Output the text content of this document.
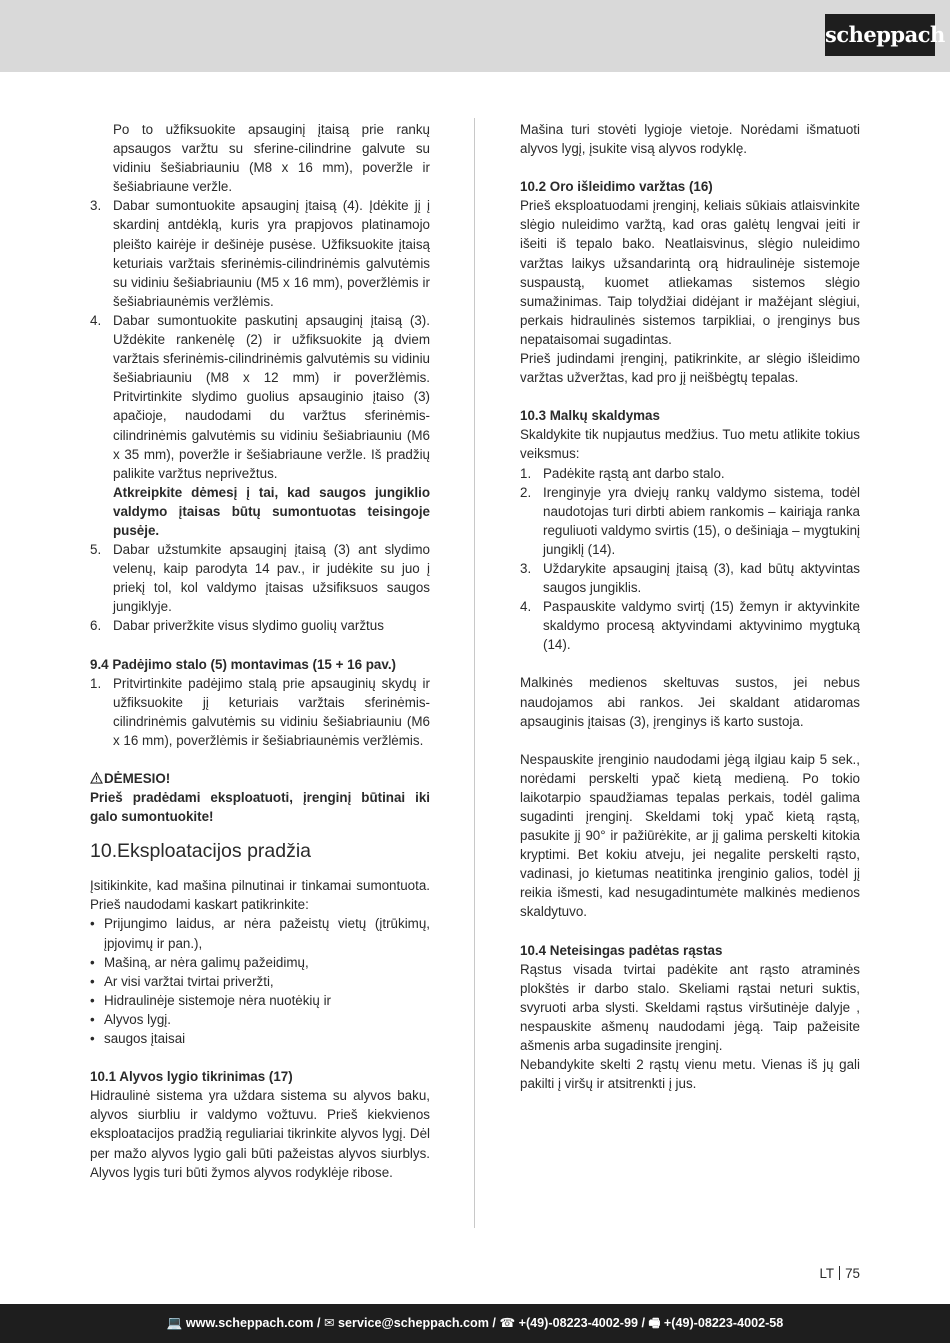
scheppach

Po to užfiksuokite apsauginį įtaisą prie rankų apsaugos varžtu su sferine-cilindrine galvute su vidiniu šešiabriauniu (M8 x 16 mm), poveržle ir šešiabriaune veržle.

3. Dabar sumontuokite apsauginį įtaisą (4). Įdėkite jį į skardinį antdėklą, kuris yra prapjovos platinamojo pleišto kairėje ir dešinėje pusėse. Užfiksuokite įtaisą keturiais varžtais sferinėmis-cilindrinėmis galvutėmis su vidiniu šešiabriauniu (M5 x 16 mm), poveržlėmis ir šešiabriaunėmis veržlėmis.

4. Dabar sumontuokite paskutinį apsauginį įtaisą (3). Uždėkite rankenėlę (2) ir užfiksuokite ją dviem varžtais sferinėmis-cilindrinėmis galvutėmis su vidiniu šešiabriauniu (M8 x 12 mm) ir poveržlėmis. Pritvirtinkite slydimo guolius apsauginio įtaiso (3) apačioje, naudodami du varžtus sferinėmis-cilindrinėmis galvutėmis su vidiniu šešiabriauniu (M6 x 35 mm), poveržle ir šešiabriaune veržle. Iš pradžių palikite varžtus neprivežtus.

Atkreipkite dėmesį į tai, kad saugos jungiklio valdymo įtaisas būtų sumontuotas teisingoje pusėje.

5. Dabar užstumkite apsauginį įtaisą (3) ant slydimo velenų, kaip parodyta 14 pav., ir judėkite su juo į priekį tol, kol valdymo įtaisas užsifiksuos saugos jungiklyje.

6. Dabar priveržkite visus slydimo guolių varžtus

9.4 Padėjimo stalo (5) montavimas (15 + 16 pav.)

1. Pritvirtinkite padėjimo stalą prie apsauginių skydų ir užfiksuokite jį keturiais varžtais sferinėmis-cilindrinėmis galvutėmis su vidiniu šešiabriauniu (M6 x 16 mm), poveržlėmis ir šešiabriaunėmis veržlėmis.

DĖMESIO!

Prieš pradėdami eksploatuoti, įrenginį būtinai iki galo sumontuokite!

10.Eksploatacijos pradžia

Įsitikinkite, kad mašina pilnutinai ir tinkamai sumontuota. Prieš naudodami kaskart patikrinkite:

• Prijungimo laidus, ar nėra pažeistų vietų (įtrūkimų, įpjovimų ir pan.),

• Mašiną, ar nėra galimų pažeidimų,

• Ar visi varžtai tvirtai priveržti,

• Hidraulinėje sistemoje nėra nuotėkių ir

• Alyvos lygį.

• saugos įtaisai

10.1 Alyvos lygio tikrinimas (17)

Hidraulinė sistema yra uždara sistema su alyvos baku, alyvos siurbliu ir valdymo vožtuvu. Prieš kiekvienos eksploatacijos pradžią reguliariai tikrinkite alyvos lygį. Dėl per mažo alyvos lygio gali būti pažeistas alyvos siurblys. Alyvos lygis turi būti žymos alyvos rodyklėje ribose.

Mašina turi stovėti lygioje vietoje. Norėdami išmatuoti alyvos lygį, įsukite visą alyvos rodyklę.

10.2 Oro išleidimo varžtas (16)

Prieš eksploatuodami įrenginį, keliais sūkiais atlaisvinkite slėgio nuleidimo varžtą, kad oras galėtų lengvai įeiti ir išeiti iš tepalo bako. Neatlaisvinus, slėgio nuleidimo varžtas laikys užsandarintą orą hidraulinėje sistemoje suspaustą, kuomet atliekamas sistemos slėgio sumažinimas. Taip tolydžiai didėjant ir mažėjant slėgiui, perkais hidraulinės sistemos tarpikliai, o įrenginys bus nepataisomai sugadintas.

Prieš judindami įrenginį, patikrinkite, ar slėgio išleidimo varžtas užveržtas, kad pro jį neišbėgtų tepalas.

10.3 Malkų skaldymas

Skaldykite tik nupjautus medžius. Tuo metu atlikite tokius veiksmus:

1. Padėkite rąstą ant darbo stalo.

2. Irenginyje yra dviejų rankų valdymo sistema, todėl naudotojas turi dirbti abiem rankomis – kairiąja ranka reguliuoti valdymo svirtis (15), o dešiniąja – mygtukinį jungiklį (14).

3. Uždarykite apsauginį įtaisą (3), kad būtų aktyvintas saugos jungiklis.

4. Paspauskite valdymo svirtį (15) žemyn ir aktyvinkite skaldymo procesą aktyvindami aktyvinimo mygtuką (14).

Malkinės medienos skeltuvas sustos, jei nebus naudojamos abi rankos. Jei skaldant atidaromas apsauginis įtaisas (3), įrenginys iš karto sustoja.

Nespauskite įrenginio naudodami jėgą ilgiau kaip 5 sek., norėdami perskelti ypač kietą medieną. Po tokio laikotarpio spaudžiamas tepalas perkais, todėl galima sugadinti įrenginį. Skeldami tokį ypač kietą rąstą, pasukite jį 90° ir pažiūrėkite, ar jį galima perskelti kitokia kryptimi. Bet kokiu atveju, jei negalite perskelti rąsto, vadinasi, jo kietumas neatitinka įrenginio galios, todėl jį reikia išmesti, kad nesugadintumėte malkinės medienos skaldytuvo.

10.4 Neteisingas padėtas rąstas

Rąstus visada tvirtai padėkite ant rąsto atraminės plokštės ir darbo stalo. Skeliami rąstai neturi suktis, svyruoti arba slysti. Skeldami rąstus viršutinėje dalyje , nespauskite ašmenų naudodami jėgą. Taip pažeisite ašmenis arba sugadinsite įrenginį.

Nebandykite skelti 2 rąstų vienu metu. Vienas iš jų gali pakilti į viršų ir atsitrenkti į jus.

LT 75
💻 www.scheppach.com / ✉ service@scheppach.com / ☎ +(49)-08223-4002-99 / 🖷 +(49)-08223-4002-58
